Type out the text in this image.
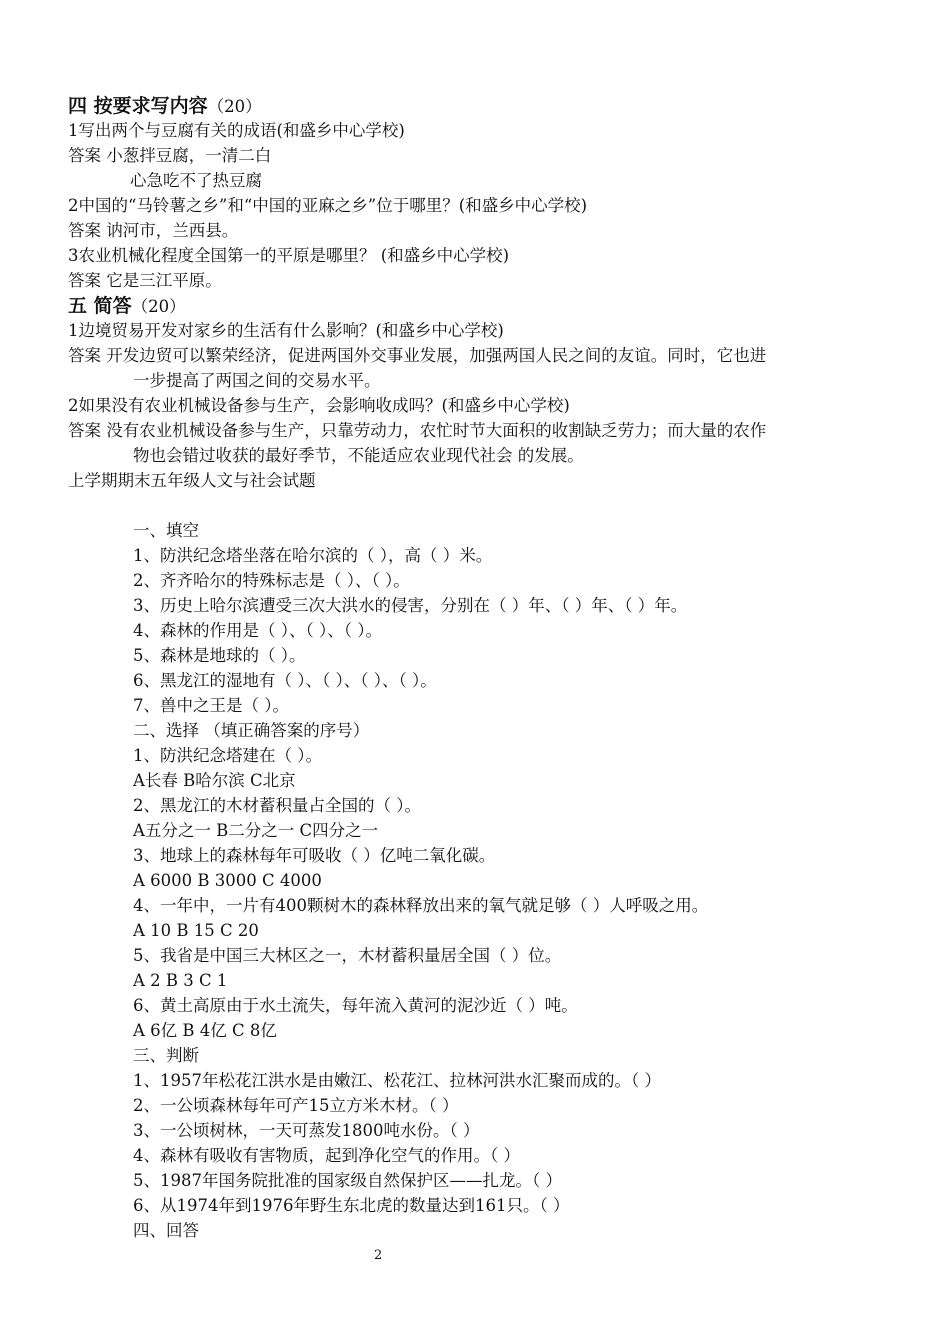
四 按要求写内容（20）
1写出两个与豆腐有关的成语(和盛乡中心学校)
答案 小葱拌豆腐，一清二白
心急吃不了热豆腐
2中国的“马铃薯之乡”和“中国的亚麻之乡”位于哪里？(和盛乡中心学校)
答案 讷河市，兰西县。
3农业机械化程度全国第一的平原是哪里？ (和盛乡中心学校)
答案 它是三江平原。
五 简答（20）
1边境贸易开发对家乡的生活有什么影响？(和盛乡中心学校)
答案 开发边贸可以繁荣经济，促进两国外交事业发展，加强两国人民之间的友谊。同时，它也进
一步提高了两国之间的交易水平。
2如果没有农业机械设备参与生产，会影响收成吗？(和盛乡中心学校)
答案 没有农业机械设备参与生产，只靠劳动力，农忙时节大面积的收割缺乏劳力；而大量的农作
物也会错过收获的最好季节，不能适应农业现代社会 的发展。
上学期期末五年级人文与社会试题
一、填空
1、防洪纪念塔坐落在哈尔滨的（ ），高（ ）米。
2、齐齐哈尔的特殊标志是（ ）、（ ）。
3、历史上哈尔滨遭受三次大洪水的侵害，分别在（ ）年、（ ）年、（ ）年。
4、森林的作用是（ ）、（ ）、（ ）。
5、森林是地球的（ ）。
6、黑龙江的湿地有（ ）、（ ）、（ ）、（ ）。
7、兽中之王是（ ）。
二、选择 （填正确答案的序号）
1、防洪纪念塔建在（ ）。
A长春 B哈尔滨 C北京
2、黑龙江的木材蓄积量占全国的（ ）。
A五分之一 B二分之一 C四分之一
3、地球上的森林每年可吸收（ ）亿吨二氧化碳。
A 6000 B 3000 C 4000
4、一年中，一片有400颗树木的森林释放出来的氧气就足够（ ）人呼吸之用。
A 10 B 15 C 20
5、我省是中国三大林区之一，木材蓄积量居全国（ ）位。
A 2 B 3 C 1
6、黄土高原由于水土流失，每年流入黄河的泥沙近（ ）吨。
A 6亿 B 4亿 C 8亿
三、判断
1、1957年松花江洪水是由嫩江、松花江、拉林河洪水汇聚而成的。（ ）
2、一公顷森林每年可产15立方米木材。（ ）
3、一公顷树林，一天可蒸发1800吨水份。（ ）
4、森林有吸收有害物质，起到净化空气的作用。（ ）
5、1987年国务院批准的国家级自然保护区——扎龙。（ ）
6、从1974年到1976年野生东北虎的数量达到161只。（ ）
四、回答
2
